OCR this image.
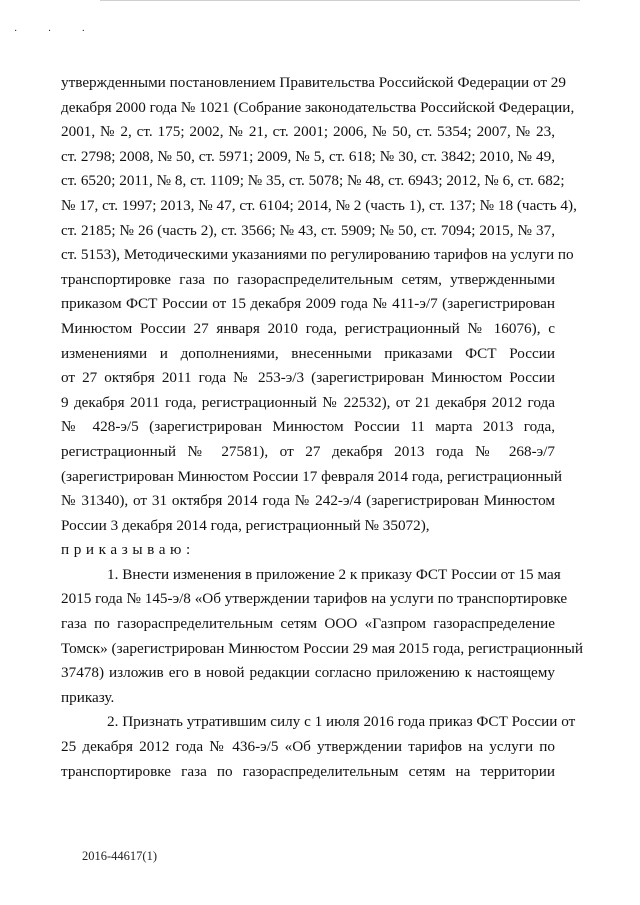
· · ·
утвержденными постановлением Правительства Российской Федерации от 29
декабря 2000 года № 1021 (Собрание законодательства Российской Федерации,
2001, № 2, ст. 175; 2002, № 21, ст. 2001; 2006, № 50, ст. 5354; 2007, № 23,
ст. 2798; 2008, № 50, ст. 5971; 2009, № 5, ст. 618; № 30, ст. 3842; 2010, № 49,
ст. 6520; 2011, № 8, ст. 1109; № 35, ст. 5078; № 48, ст. 6943; 2012, № 6, ст. 682;
№ 17, ст. 1997; 2013, № 47, ст. 6104; 2014, № 2 (часть 1), ст. 137; № 18 (часть 4),
ст. 2185; № 26 (часть 2), ст. 3566; № 43, ст. 5909; № 50, ст. 7094; 2015, № 37,
ст. 5153), Методическими указаниями по регулированию тарифов на услуги по
транспортировке газа по газораспределительным сетям, утвержденными
приказом ФСТ России от 15 декабря 2009 года № 411-э/7 (зарегистрирован
Минюстом России 27 января 2010 года, регистрационный № 16076), с
изменениями и дополнениями, внесенными приказами ФСТ России
от 27 октября 2011 года № 253-э/3 (зарегистрирован Минюстом России
9 декабря 2011 года, регистрационный № 22532), от 21 декабря 2012 года
№ 428-э/5 (зарегистрирован Минюстом России 11 марта 2013 года,
регистрационный № 27581), от 27 декабря 2013 года № 268-э/7
(зарегистрирован Минюстом России 17 февраля 2014 года, регистрационный
№ 31340), от 31 октября 2014 года № 242-э/4 (зарегистрирован Минюстом
России 3 декабря 2014 года, регистрационный № 35072),
приказываю:
1. Внести изменения в приложение 2 к приказу ФСТ России от 15 мая
2015 года № 145-э/8 «Об утверждении тарифов на услуги по транспортировке
газа по газораспределительным сетям ООО «Газпром газораспределение
Томск» (зарегистрирован Минюстом России 29 мая 2015 года, регистрационный
37478) изложив его в новой редакции согласно приложению к настоящему
приказу.
2. Признать утратившим силу с 1 июля 2016 года приказ ФСТ России от
25 декабря 2012 года № 436-э/5 «Об утверждении тарифов на услуги по
транспортировке газа по газораспределительным сетям на территории
2016-44617(1)
